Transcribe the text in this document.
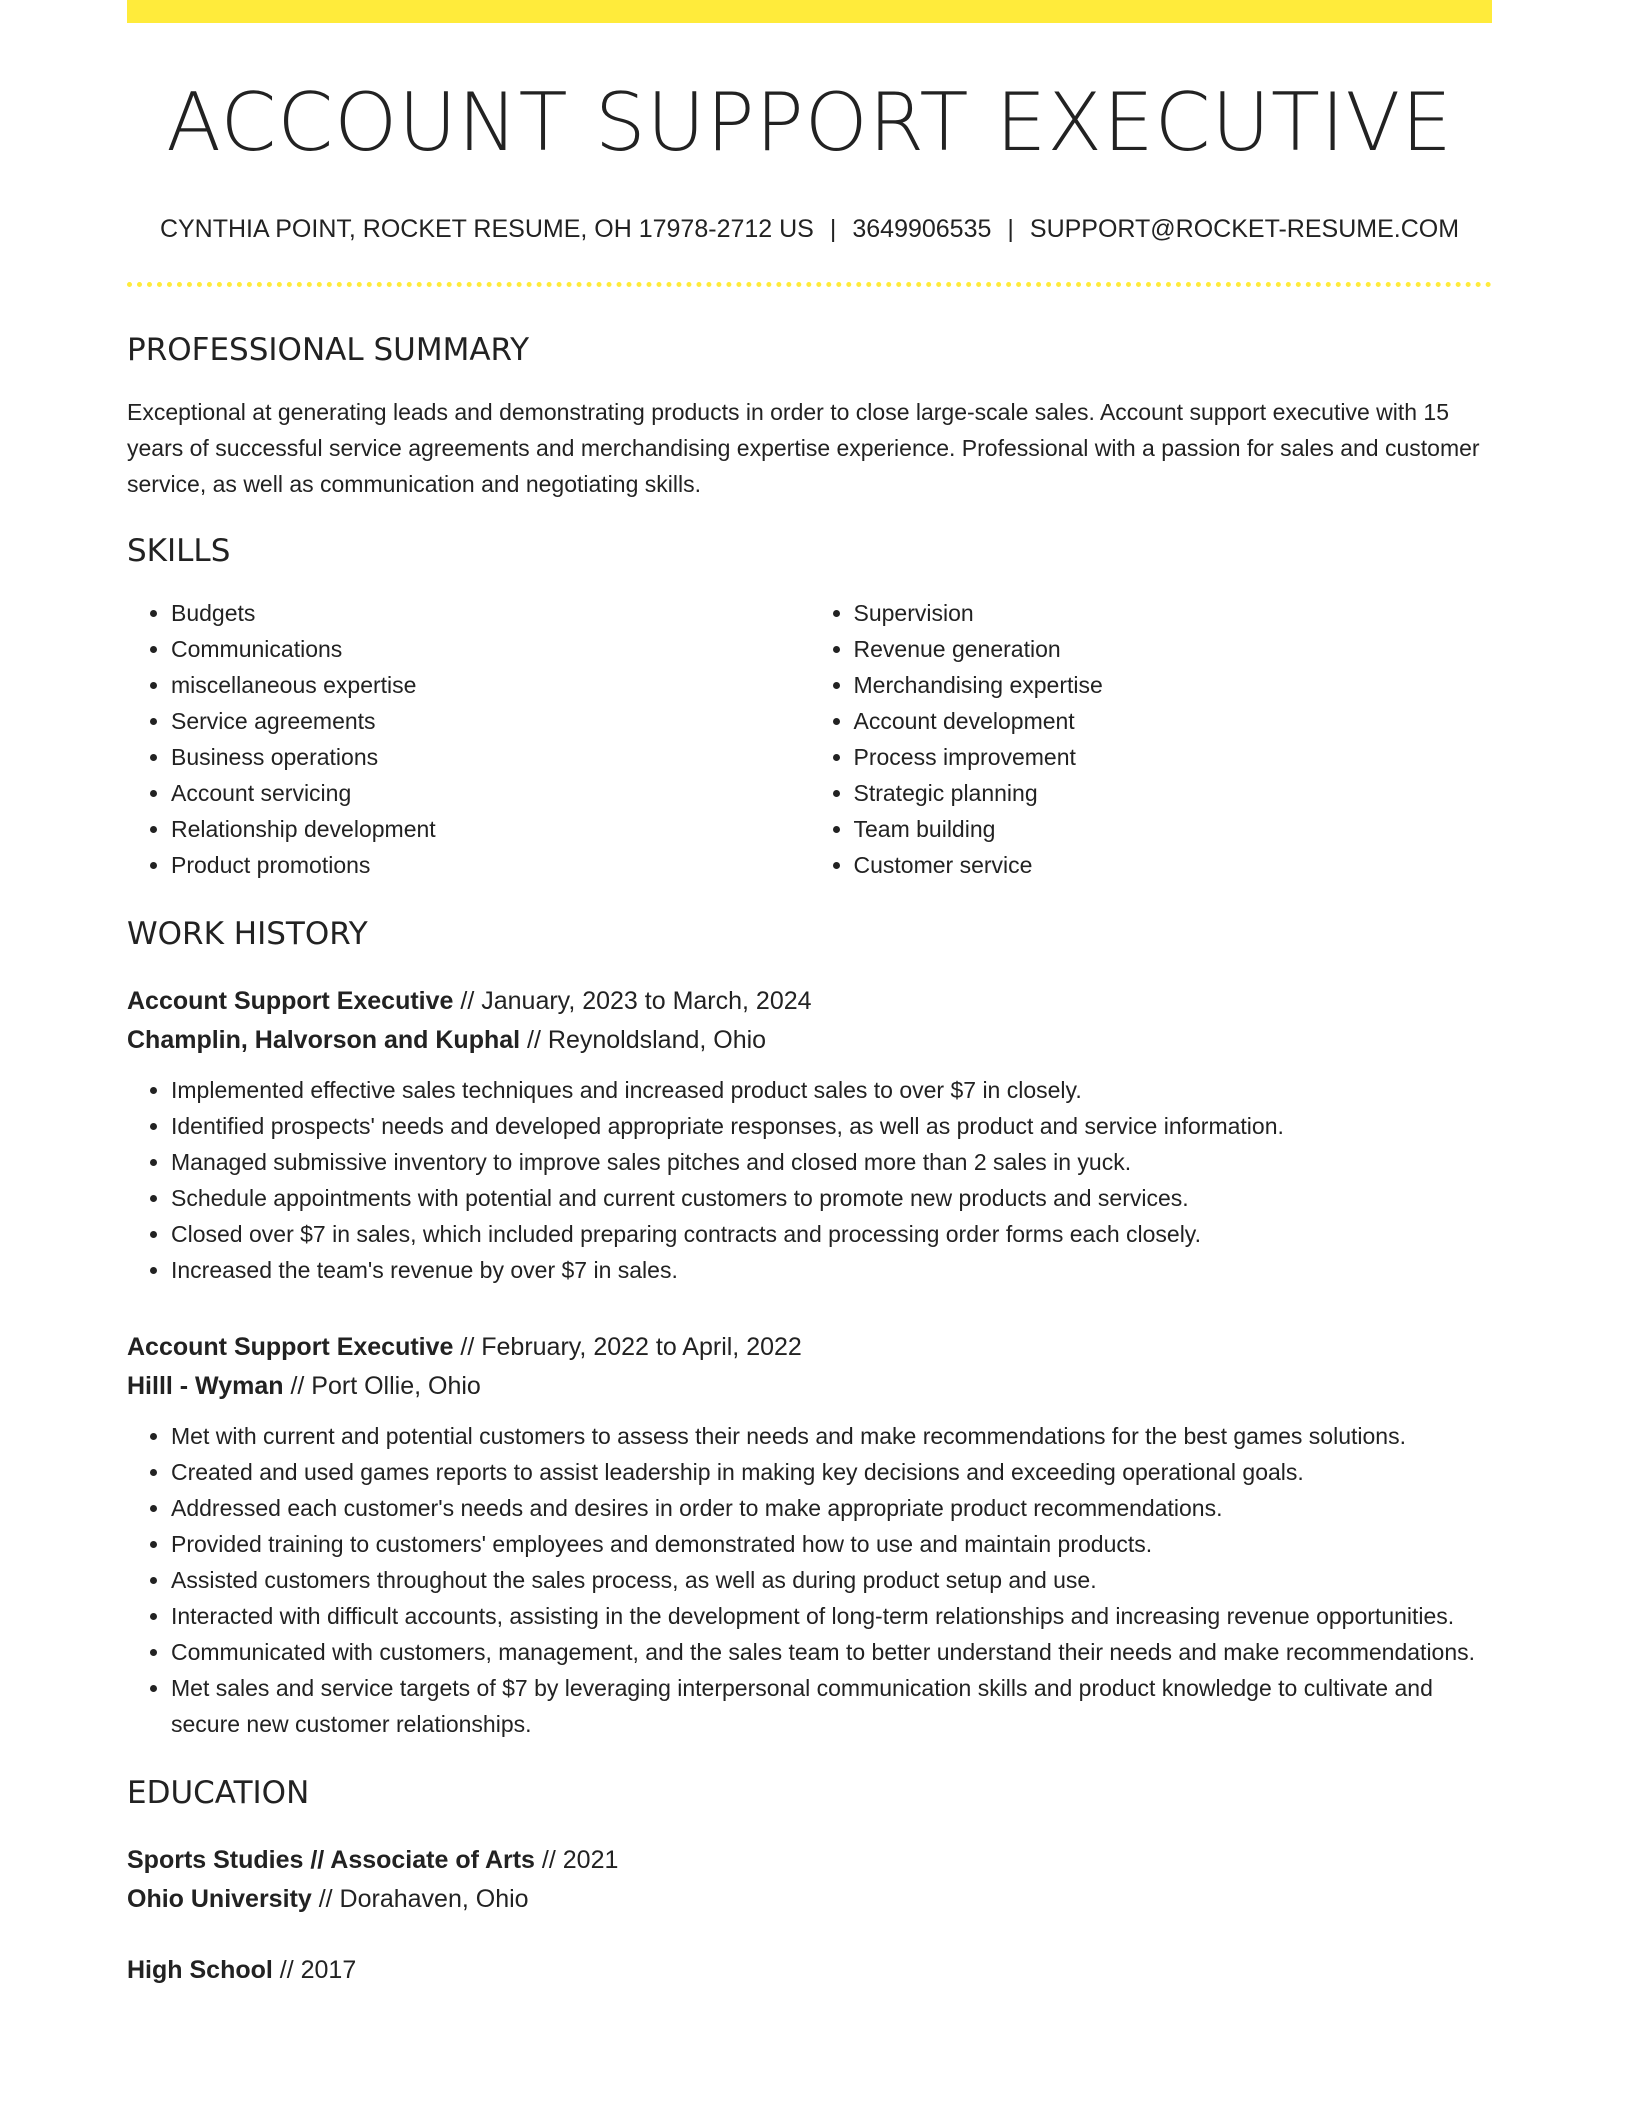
ACCOUNT SUPPORT EXECUTIVE
CYNTHIA POINT, ROCKET RESUME, OH 17978-2712 US | 3649906535 | SUPPORT@ROCKET-RESUME.COM
PROFESSIONAL SUMMARY

Exceptional at generating leads and demonstrating products in order to close large-scale sales. Account support executive with 15 years of successful service agreements and merchandising expertise experience. Professional with a passion for sales and customer service, as well as communication and negotiating skills.

SKILLS
• Budgets
• Communications
• miscellaneous expertise
• Service agreements
• Business operations
• Account servicing
• Relationship development
• Product promotions
• Supervision
• Revenue generation
• Merchandising expertise
• Account development
• Process improvement
• Strategic planning
• Team building
• Customer service
WORK HISTORY
Account Support Executive // January, 2023 to March, 2024
Champlin, Halvorson and Kuphal // Reynoldsland, Ohio
• Implemented effective sales techniques and increased product sales to over $7 in closely.
• Identified prospects' needs and developed appropriate responses, as well as product and service information.
• Managed submissive inventory to improve sales pitches and closed more than 2 sales in yuck.
• Schedule appointments with potential and current customers to promote new products and services.
• Closed over $7 in sales, which included preparing contracts and processing order forms each closely.
• Increased the team's revenue by over $7 in sales.
Account Support Executive // February, 2022 to April, 2022
Hilll - Wyman // Port Ollie, Ohio
• Met with current and potential customers to assess their needs and make recommendations for the best games solutions.
• Created and used games reports to assist leadership in making key decisions and exceeding operational goals.
• Addressed each customer's needs and desires in order to make appropriate product recommendations.
• Provided training to customers' employees and demonstrated how to use and maintain products.
• Assisted customers throughout the sales process, as well as during product setup and use.
• Interacted with difficult accounts, assisting in the development of long-term relationships and increasing revenue opportunities.
• Communicated with customers, management, and the sales team to better understand their needs and make recommendations.
• Met sales and service targets of $7 by leveraging interpersonal communication skills and product knowledge to cultivate and secure new customer relationships.
EDUCATION
Sports Studies // Associate of Arts // 2021
Ohio University // Dorahaven, Ohio
High School // 2017
